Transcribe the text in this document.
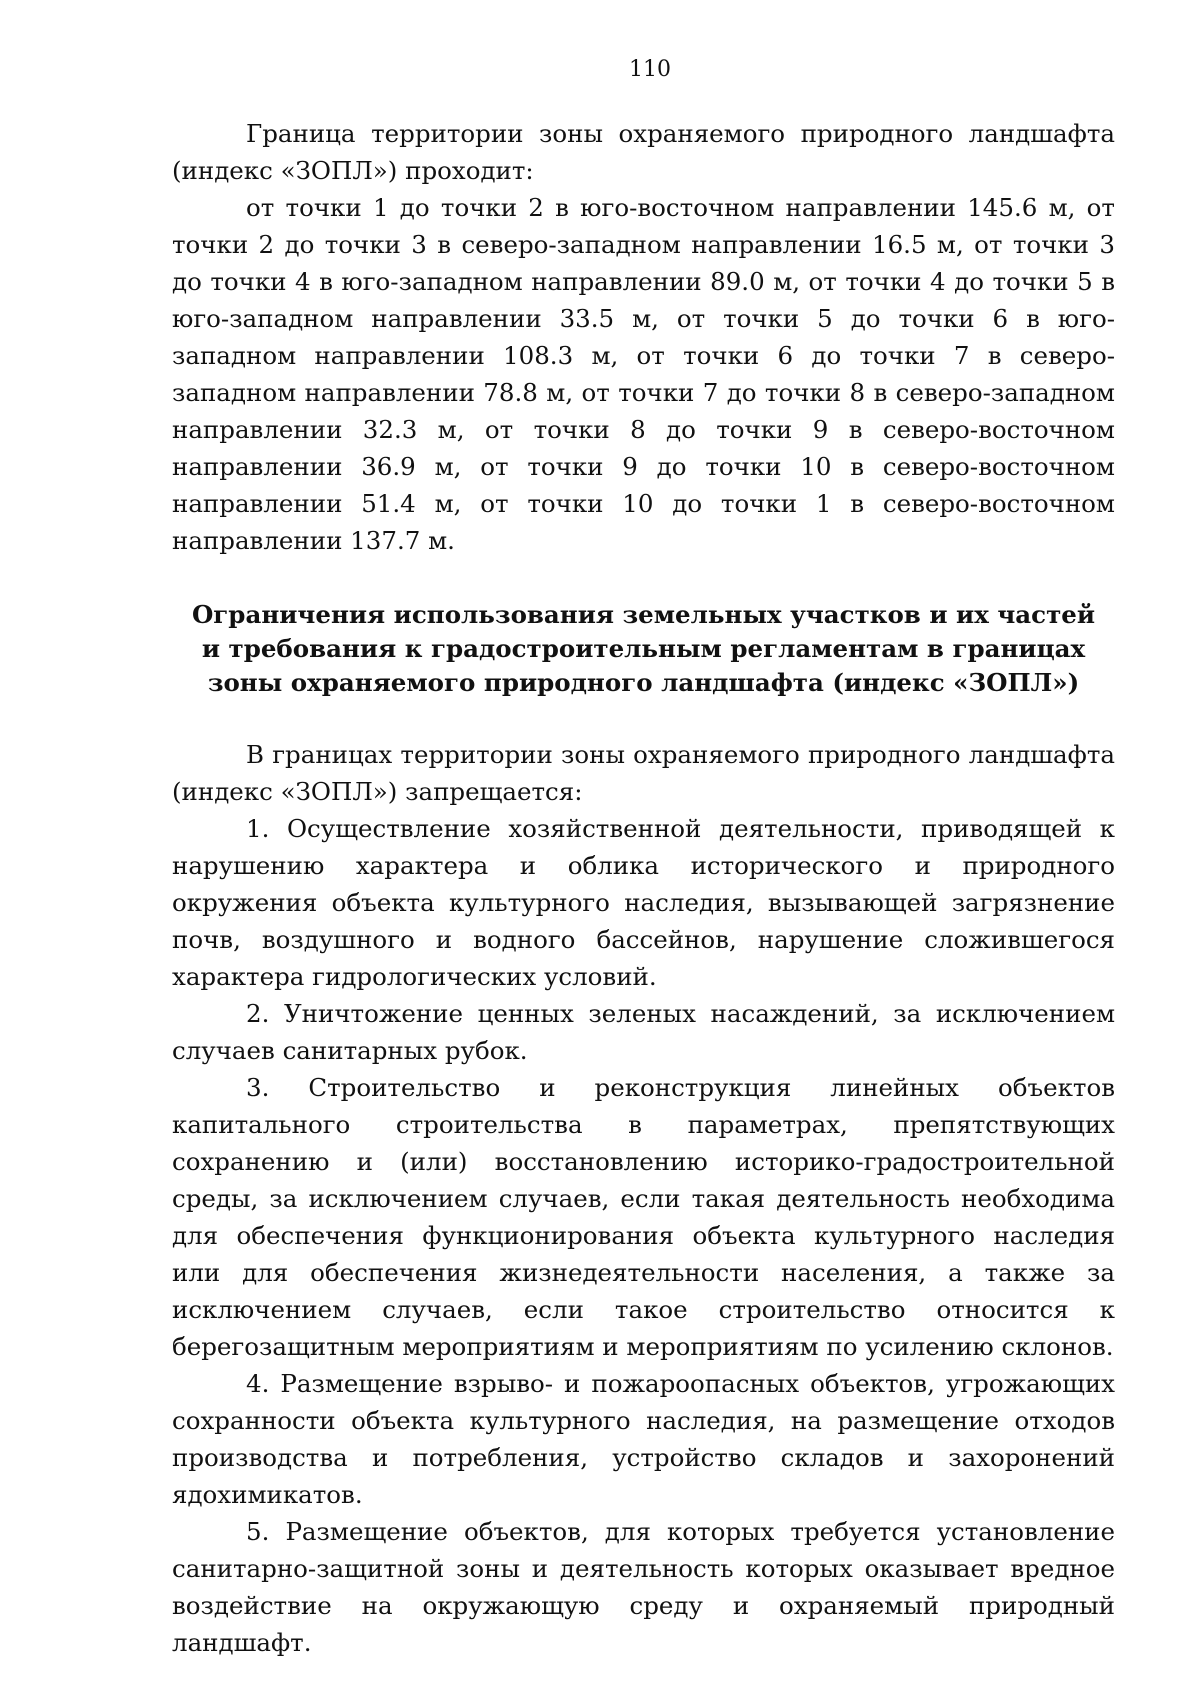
110

Граница территории зоны охраняемого природного ландшафта (индекс «ЗОПЛ») проходит:

от точки 1 до точки 2 в юго-восточном направлении 145.6 м, от точки 2 до точки 3 в северо-западном направлении 16.5 м, от точки 3 до точки 4 в юго-западном направлении 89.0 м, от точки 4 до точки 5 в юго-западном направлении 33.5 м, от точки 5 до точки 6 в юго-западном направлении 108.3 м, от точки 6 до точки 7 в северо-западном направлении 78.8 м, от точки 7 до точки 8 в северо-западном направлении 32.3 м, от точки 8 до точки 9 в северо-восточном направлении 36.9 м, от точки 9 до точки 10 в северо-восточном направлении 51.4 м, от точки 10 до точки 1 в северо-восточном направлении 137.7 м.

Ограничения использования земельных участков и их частей
и требования к градостроительным регламентам в границах
зоны охраняемого природного ландшафта (индекс «ЗОПЛ»)

В границах территории зоны охраняемого природного ландшафта (индекс «ЗОПЛ») запрещается:

1. Осуществление хозяйственной деятельности, приводящей к нарушению характера и облика исторического и природного окружения объекта культурного наследия, вызывающей загрязнение почв, воздушного и водного бассейнов, нарушение сложившегося характера гидрологических условий.

2. Уничтожение ценных зеленых насаждений, за исключением случаев санитарных рубок.

3. Строительство и реконструкция линейных объектов капитального строительства в параметрах, препятствующих сохранению и (или) восстановлению историко-градостроительной среды, за исключением случаев, если такая деятельность необходима для обеспечения функционирования объекта культурного наследия или для обеспечения жизнедеятельности населения, а также за исключением случаев, если такое строительство относится к берегозащитным мероприятиям и мероприятиям по усилению склонов.

4. Размещение взрыво- и пожароопасных объектов, угрожающих сохранности объекта культурного наследия, на размещение отходов производства и потребления, устройство складов и захоронений ядохимикатов.

5. Размещение объектов, для которых требуется установление санитарно-защитной зоны и деятельность которых оказывает вредное воздействие на окружающую среду и охраняемый природный ландшафт.
